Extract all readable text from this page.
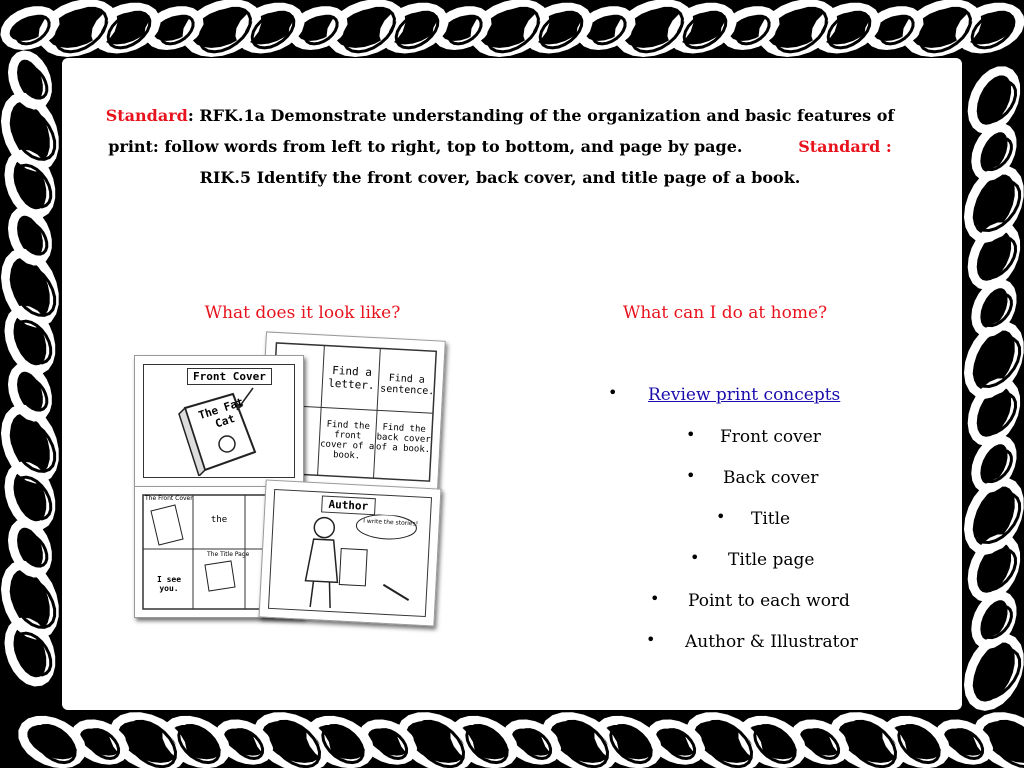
Standard: RFK.1a Demonstrate understanding of the organization and basic features of print: follow words from left to right, top to bottom, and page by page.	Standard : RIK.5 Identify the front cover, back cover, and title page of a book.
What does it look like?	What can I do at home?
Find a letter.	Find a sentence.
Find the front cover of a book.
Find the back cover of a book.
Front Cover
The Fat Cat
The Front Cover
the
The Title Page
I see you.
Author
I write the stories!
• Review print concepts
• Front cover
• Back cover
• Title
• Title page
• Point to each word
• Author & Illustrator
